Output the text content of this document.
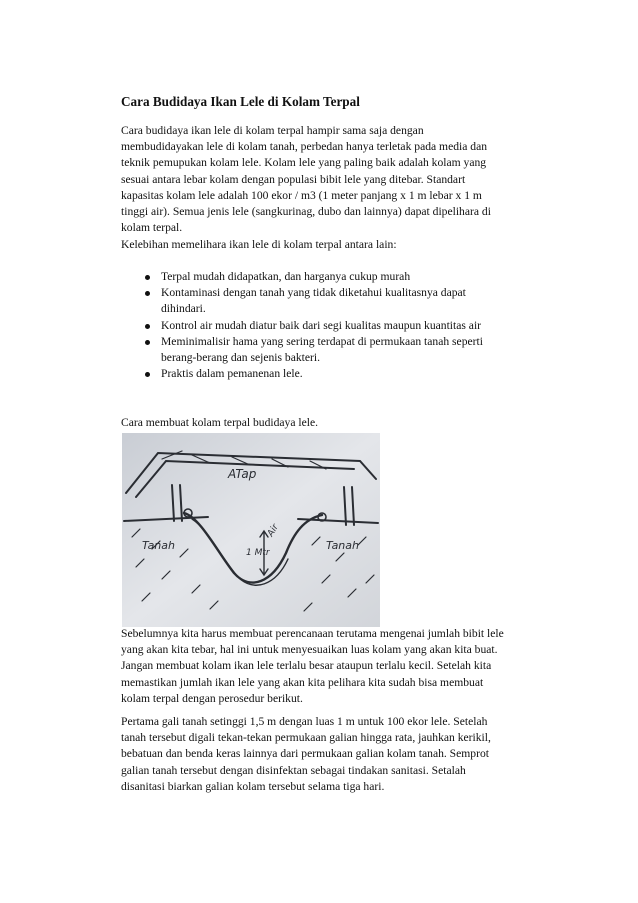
Cara Budidaya Ikan Lele di Kolam Terpal

Cara budidaya ikan lele di kolam terpal hampir sama saja dengan
membudidayakan lele di kolam tanah, perbedan hanya terletak pada media dan
teknik pemupukan kolam lele. Kolam lele yang paling baik adalah kolam yang
sesuai antara lebar kolam dengan populasi bibit lele yang ditebar. Standart
kapasitas kolam lele adalah 100 ekor / m3 (1 meter panjang x 1 m lebar x 1 m
tinggi air). Semua jenis lele (sangkurinag, dubo dan lainnya) dapat dipelihara di
kolam terpal.

Kelebihan memelihara ikan lele di kolam terpal antara lain:

Terpal mudah didapatkan, dan harganya cukup murah
Kontaminasi dengan tanah yang tidak diketahui kualitasnya dapat
dihindari.
Kontrol air mudah diatur baik dari segi kualitas maupun kuantitas air
Meminimalisir hama yang sering terdapat di permukaan tanah seperti
berang-berang dan sejenis bakteri.
Praktis dalam pemanenan lele.

Cara membuat kolam terpal budidaya lele.

ATap
Tanah	Tanah
Air
1 Mtr

Sebelumnya kita harus membuat perencanaan terutama mengenai jumlah bibit lele
yang akan kita tebar, hal ini untuk menyesuaikan luas kolam yang akan kita buat.
Jangan membuat kolam ikan lele terlalu besar ataupun terlalu kecil. Setelah kita
memastikan jumlah ikan lele yang akan kita pelihara kita sudah bisa membuat
kolam terpal dengan perosedur berikut.

Pertama gali tanah setinggi 1,5 m dengan luas 1 m untuk 100 ekor lele. Setelah
tanah tersebut digali tekan-tekan permukaan galian hingga rata, jauhkan kerikil,
bebatuan dan benda keras lainnya dari permukaan galian kolam tanah. Semprot
galian tanah tersebut dengan disinfektan sebagai tindakan sanitasi. Setalah
disanitasi biarkan galian kolam tersebut selama tiga hari.
